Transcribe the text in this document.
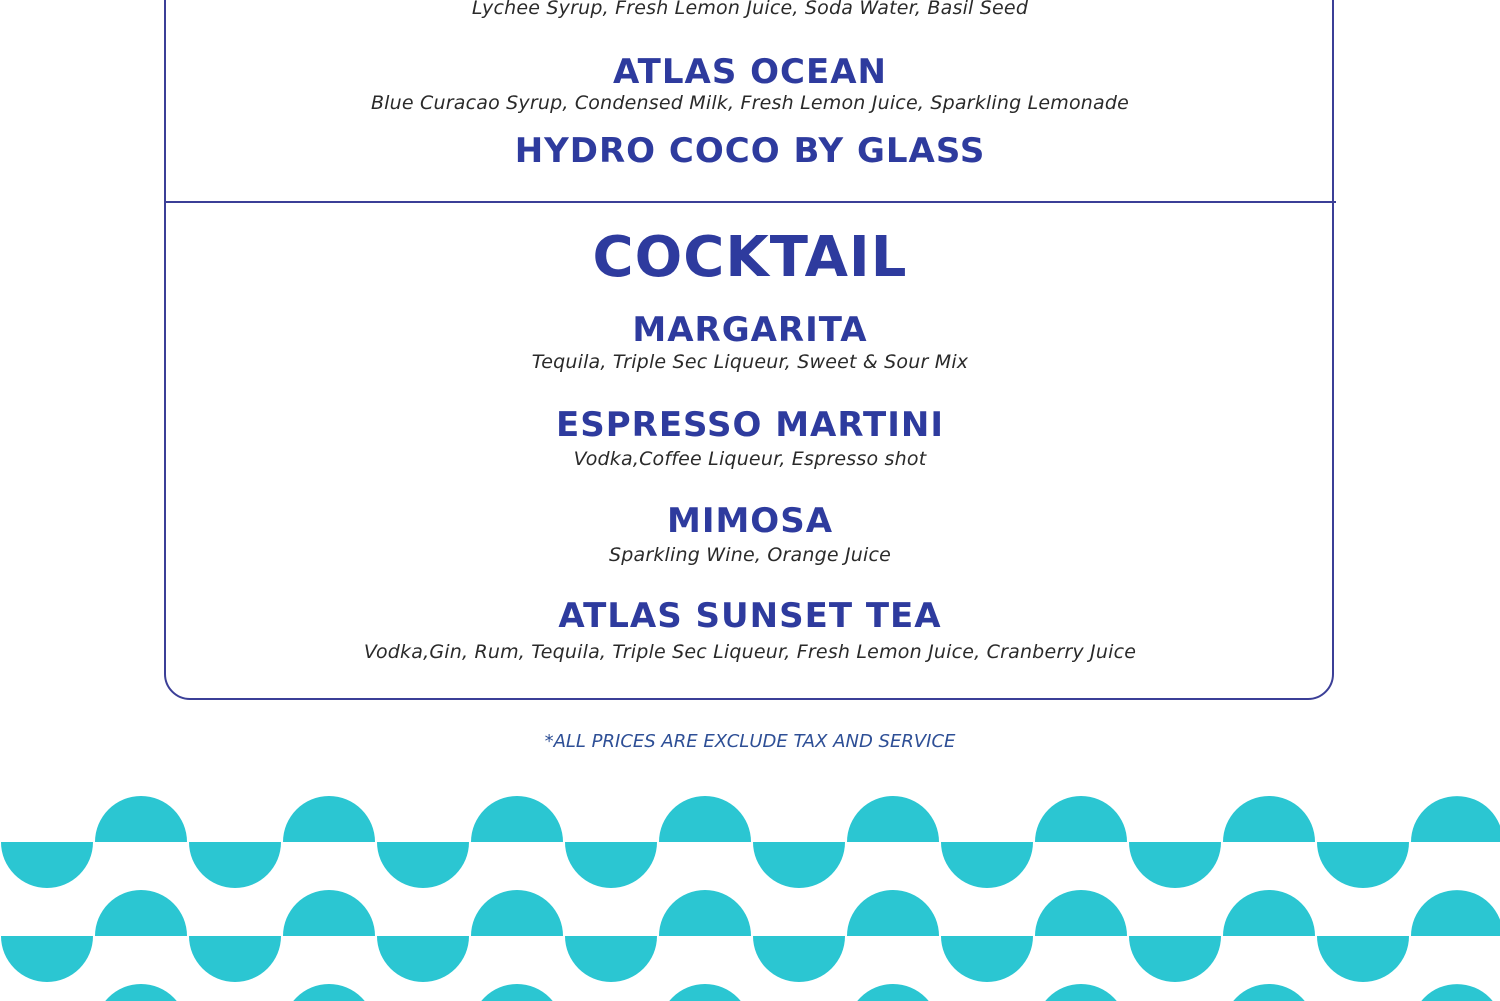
Lychee Syrup, Fresh Lemon Juice, Soda Water, Basil Seed
ATLAS OCEAN
Blue Curacao Syrup, Condensed Milk, Fresh Lemon Juice, Sparkling Lemonade
HYDRO COCO BY GLASS
COCKTAIL
MARGARITA
Tequila, Triple Sec Liqueur, Sweet & Sour Mix
ESPRESSO MARTINI
Vodka,Coffee Liqueur, Espresso shot
MIMOSA
Sparkling Wine, Orange Juice
ATLAS SUNSET TEA
Vodka,Gin, Rum, Tequila, Triple Sec Liqueur, Fresh Lemon Juice, Cranberry Juice
*ALL PRICES ARE EXCLUDE TAX AND SERVICE
